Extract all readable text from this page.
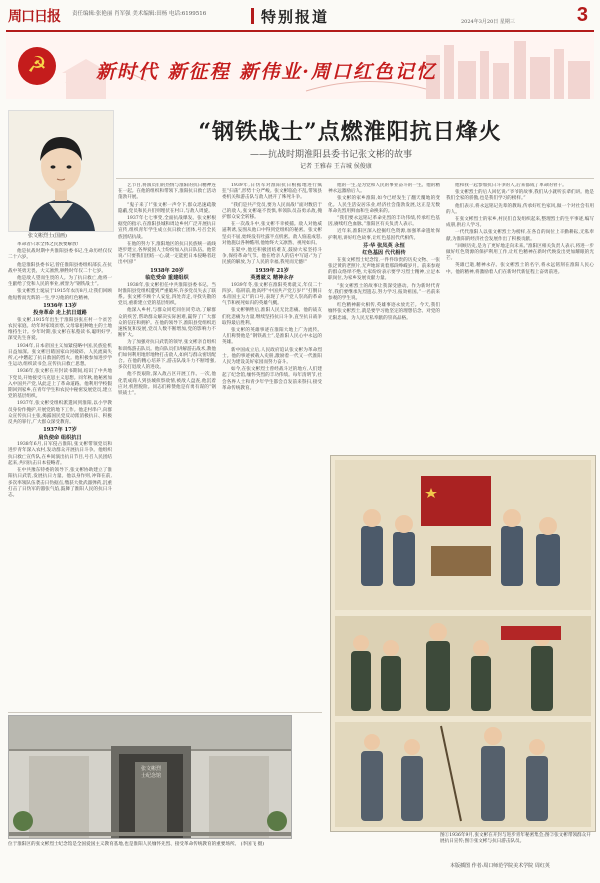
周口日报 责任编辑:张艳丽 肖军强 美术编辑:田杨 电话:6199516	特别报道	2024年3月20日 星期三	3
☭	新时代 新征程 新伟业·周口红色记忆
张文彬烈士(国画)
“钢铁战士”点燃淮阳抗日烽火
——抗战时期淮阳县委书记张文彬的故事
记者 王雅春 王吉城 侯俊康

革命者只求全体之民族要解放!

他是抗战时期中共淮阳县委书记,生命历经仅仅二十六岁。

他是淮阳县委书记,曾任淮阳县委组织部长,在抗战中英勇无畏、大义凛然,牺牲时年仅二十七岁。

他是敌人望而生畏的人。为了抗日救亡,他将一生献给了党和人民的事业,被誉为“钢铁战士”。

张文彬烈士诞辰于1915年农历8月,让我们回顾他短暂而光辉的一生,学习他的红色精神。

1936年 13岁

投身革命 走上抗日道路

张文彬,1915年出生于淮阳县张庄村一个贫苦农民家庭。幼年时家境贫寒,父母靠租种地主的土地维持生计。少年时期,张文彬在私塾读书,聪明好学,深受先生喜爱。

1934年,日本帝国主义加紧侵略中国,民族危机日益加深。张文彬目睹国家山河破碎、人民流离失所,心中燃起了抗日救国的烈火。他积极参加进步学生运动,组织读书会,宣传抗日救亡思想。

1936年,张文彬在开封读书期间,结识了中共地下党员,开始接受马克思主义思想。同年秋,他秘密加入中国共产党,从此走上了革命道路。他利用学校假期回到家乡,在青年学生和农民中秘密发展党员,建立党的基层组织。

1937年,张文彬受组织派遣回到淮阳,以小学教员身份作掩护,开展党的地下工作。他走村串户,向群众宣传抗日主张,揭露国民党反动派消极抗日、积极反共的罪行,广大群众深受教育。

1937年 17岁

肩负使命 组织抗日

1938年6月,日军侵占淮阳,张文彬带领党员和进步青年深入农村,发动群众开展抗日斗争。他组织抗日救亡宣传队,在乡间演出抗日节目,号召人民团结起来,共同抗击日本侵略者。

在中共豫东特委的领导下,张文彬协助建立了淮阳抗日武装,发展抗日力量。他以身作则,冲锋在前,多次率领队伍袭击日伪据点,缴获大批武器弹药,沉重打击了日伪军的嚣张气焰,鼓舞了淮阳人民的抗日斗志。

艺节目,将演员们的热情与淮阳的抗日精神连在一起。在他的组织和带领下,淮阳抗日救亡活动蓬勃开展。

“鬼子来了!”张文彬一声令下,群众迅速疏散隐蔽,党员和民兵们则埋伏在村口,与敌人周旋。

1937年七七事变,全面抗战爆发。张文彬根据党的指示,在淮阳县城和周边乡村广泛开展抗日宣传,组织青年学生成立抗日救亡团体,号召全民族团结抗战。

在他的努力下,淮阳地区的抗日民族统一战线逐步建立,各界爱国人士纷纷加入抗日队伍。他常说:“只要我们团结一心,就一定能把日本侵略者赶出中国!”

1938年 20岁

临危受命 重建组织

1938年,张文彬担任中共淮阳县委书记。当时淮阳县党组织遭到严重破坏,许多党员失去了联系。张文彬不顾个人安危,四处奔走,寻找失散的党员,重新建立党的基层组织。

他深入乡村,与群众同吃同住同劳动,了解群众的疾苦,帮助群众解决实际困难,赢得了广大群众的信任和拥护。在他的领导下,淮阳县党组织迅速恢复和发展,党员人数不断增加,党的影响力不断扩大。

为了加强对抗日武装的领导,张文彬亲自组织和训练游击队员。他向队员们讲解游击战术,教他们如何利用地形地物打击敌人,如何与群众密切配合。在他的精心培养下,游击队战斗力不断增强,多次打退敌人的进攻。

他不畏艰险,深入敌占区开展工作。一次,他化装成商人到县城侦察敌情,被敌人盘查,他沉着应对,机智脱险。同志们称赞他是有勇有谋的“钢铁战士”。

1939年,日伪军对淮阳抗日根据地进行疯狂“扫荡”,形势十分严峻。张文彬临危不乱,带领县委机关和游击队与敌人展开了殊死斗争。

“我们是共产党员,要为人民而战!”面对数倍于己的敌人,张文彬毫不畏惧,率领队员奋勇杀敌,掩护群众安全转移。

在一次战斗中,张文彬不幸被捕。敌人对他威逼利诱,妄图从他口中得到党组织的秘密。张文彬坚贞不屈,始终没有吐露半点机密。敌人恼羞成怒,对他施以各种酷刑,他始终大义凛然、视死如归。

在狱中,他还积极团结难友,鼓励大家坚持斗争,保持革命气节。他在给亲人的信中写道:“为了民族的解放,为了人民的幸福,我死而无憾!”

1939年 21岁

英勇就义 精神永存

1939年冬,张文彬在淮阳英勇就义,年仅二十四岁。临刑前,他高呼“中国共产党万岁!”“打倒日本帝国主义!”的口号,表现了共产党人崇高的革命气节和视死如归的英雄气概。

张文彬牺牲后,淮阳人民无比悲痛。他的战友们化悲痛为力量,继续坚持抗日斗争,直至抗日战争取得最后胜利。

张文彬的英雄事迹在淮阳大地上广为流传。人们称赞他是“钢铁战士”,是淮阳人民心中永远的英雄。

新中国成立后,人民政府追认张文彬为革命烈士。他的事迹被载入史册,激励着一代又一代淮阳人民为建设美好家园而努力奋斗。

如今,在张文彬烈士曾经战斗过的地方,人们建起了纪念馆,缅怀英烈的丰功伟绩。每年清明节,社会各界人士和青少年学生都会自发前来祭扫,接受革命传统教育。

他的一生,是为党和人民的事业奋斗的一生。他的精神永远激励后人。

张文彬的家乡淮阳,如今已经发生了翻天覆地的变化。人民生活安居乐业,经济社会蓬勃发展,这正是无数革命先烈用鲜血和生命换来的。

“我们要永远铭记革命先烈的丰功伟绩,传承红色基因,赓续红色血脉。”淮阳区有关负责人表示。

近年来,淮阳区深入挖掘红色资源,加强革命遗址保护利用,讲好红色故事,让红色基因代代相传。

芬·华 张凤英 永恒

红色基因 代代相传

在张文彬烈士纪念馆,一件件珍贵的历史文物、一张张泛黄的老照片,无声地诉说着那段峥嵘岁月。前来参观的群众络绎不绝,大家纷纷表示要学习烈士精神,立足本职岗位,为家乡发展贡献力量。

“张文彬烈士的故事让我深受感动。作为新时代青年,我们要继承先烈遗志,努力学习,报效祖国。”一名前来参观的学生说。

红色精神薪火相传,英雄事迹永放光芒。今天,我们缅怀张文彬烈士,就是要学习他坚定的理想信念、对党的无限忠诚、为人民无私奉献的崇高品格。

他和我一起参加抗日斗争的人,后来都成了革命的骨干。

张文彬烈士的后人回忆说:“爷爷的故事,我们从小就听长辈们讲。他是我们全家的骄傲,也是我们学习的榜样。”

他们表示,将永远铭记先辈的教诲,传承好红色家风,做一个对社会有用的人。

在张文彬烈士的家乡,村民们自发组织起来,整理烈士的生平事迹,编写成册,供后人学习。

一代代淮阳人以张文彬烈士为榜样,在各自的岗位上辛勤耕耘,无私奉献,为淮阳的经济社会发展作出了积极贡献。

“回顾历史,是为了更好地走向未来。”淮阳区相关负责人表示,将进一步做好红色资源的保护利用工作,让红色精神在新时代焕发出更加耀眼的光芒。

英雄已逝,精神永存。张文彬烈士的名字,将永远铭刻在淮阳人民心中。他的精神,将激励着人们在新时代新征程上奋勇前进。

图①1936年9月,张文彬在开封与进步青年秘密集会;图②张文彬带领群众开展抗日宣传;图③张文彬与抗日游击队员。
本版插图 作者:周口师范学院美术学院 周红英
张文彬烈士纪念馆
位于淮阳区的张文彬烈士纪念馆是全国爱国主义教育基地,也是淮阳人民缅怀先烈、接受革命传统教育的重要场所。 (李国飞 摄)
